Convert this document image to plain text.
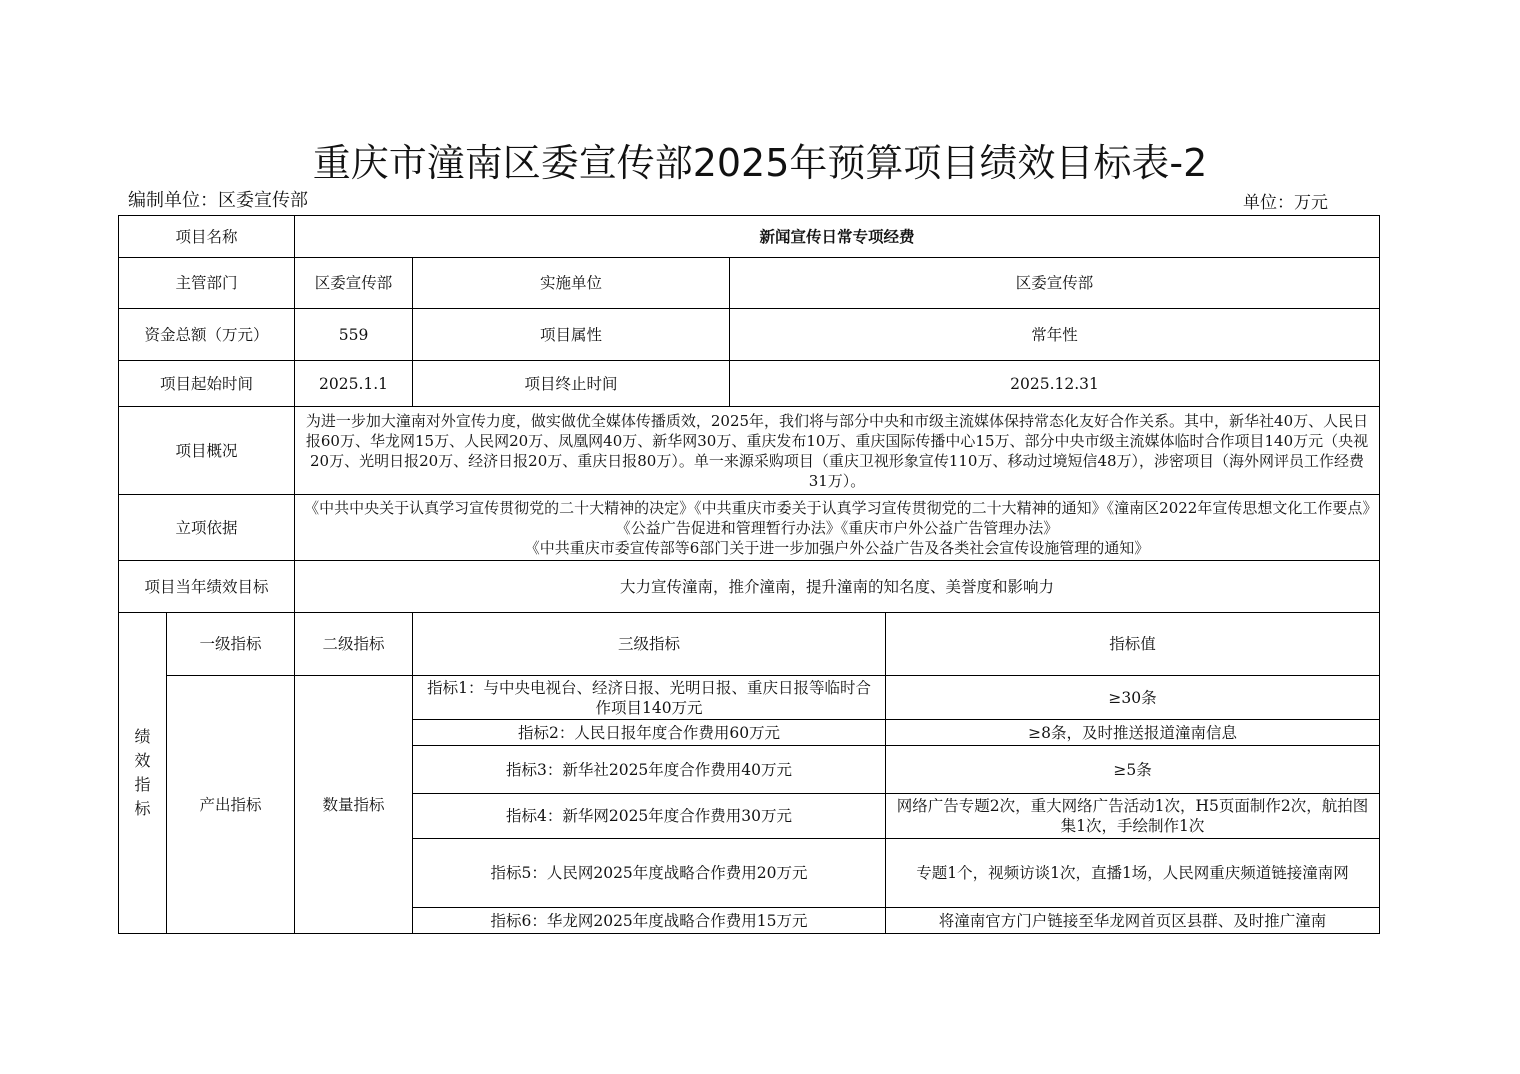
重庆市潼南区委宣传部2025年预算项目绩效目标表-2
编制单位：区委宣传部	单位：万元
项目名称		新闻宣传日常专项经费			
主管部门		区委宣传部	实施单位	区委宣传部	
资金总额（万元）		559	项目属性	常年性	
项目起始时间		2025.1.1	项目终止时间	2025.12.31	
项目概况		为进一步加大潼南对外宣传力度，做实做优全媒体传播质效，2025年，我们将与部分中央和市级主流媒体保持常态化友好合作关系。其中，新华社40万、人民日报60万、华龙网15万、人民网20万、凤凰网40万、新华网30万、重庆发布10万、重庆国际传播中心15万、部分中央市级主流媒体临时合作项目140万元（央视20万、光明日报20万、经济日报20万、重庆日报80万）。单一来源采购项目（重庆卫视形象宣传110万、移动过境短信48万），涉密项目（海外网评员工作经费31万）。			
立项依据		《中共中央关于认真学习宣传贯彻党的二十大精神的决定》《中共重庆市委关于认真学习宣传贯彻党的二十大精神的通知》《潼南区2022年宣传思想文化工作要点》《公益广告促进和管理暂行办法》《重庆市户外公益广告管理办法》
《中共重庆市委宣传部等6部门关于进一步加强户外公益广告及各类社会宣传设施管理的通知》			

项目当年绩效目标		大力宣传潼南，推介潼南，提升潼南的知名度、美誉度和影响力			

绩效指标	一级指标	二级指标	三级指标		指标值
	产出指标	数量指标	指标1：与中央电视台、经济日报、光明日报、重庆日报等临时合作项目140万元		≥30条
			指标2：人民日报年度合作费用60万元		≥8条，及时推送报道潼南信息
			指标3：新华社2025年度合作费用40万元		≥5条
			指标4：新华网2025年度合作费用30万元		网络广告专题2次，重大网络广告活动1次，H5页面制作2次，航拍图集1次，手绘制作1次
			指标5：人民网2025年度战略合作费用20万元		专题1个，视频访谈1次，直播1场，人民网重庆频道链接潼南网
			指标6：华龙网2025年度战略合作费用15万元		将潼南官方门户链接至华龙网首页区县群、及时推广潼南
